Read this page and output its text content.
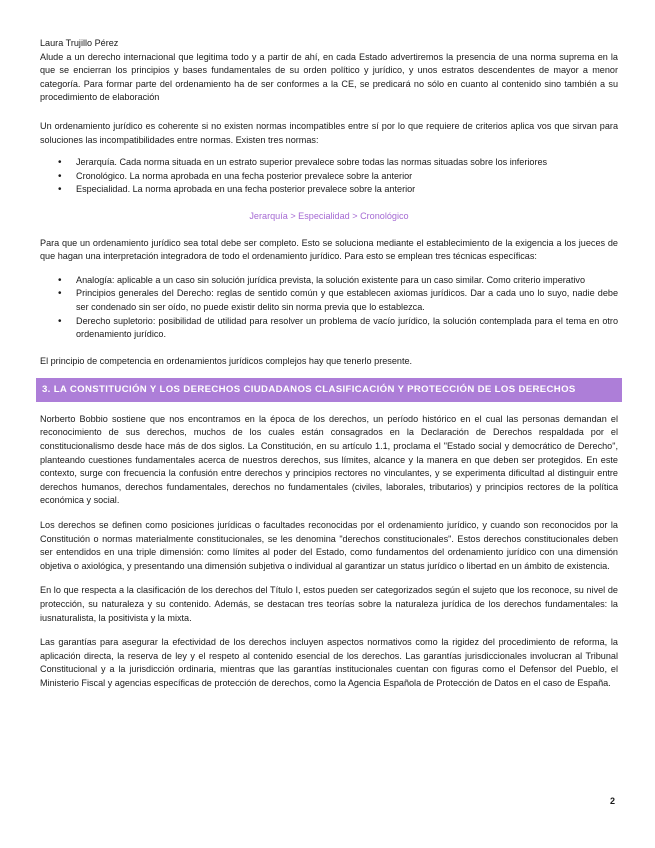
Laura Trujillo Pérez

Alude a un derecho internacional que legitima todo y a partir de ahí, en cada Estado advertiremos la presencia de una norma suprema en la que se encierran los principios y bases fundamentales de su orden político y jurídico, y unos estratos descendentes de mayor a menor categoría. Para formar parte del ordenamiento ha de ser conformes a la CE, se predicará no sólo en cuanto al contenido sino también a su procedimiento de elaboración

Un ordenamiento jurídico es coherente si no existen normas incompatibles entre sí por lo que requiere de criterios aplica vos que sirvan para soluciones las incompatibilidades entre normas. Existen tres normas:

• Jerarquía. Cada norma situada en un estrato superior prevalece sobre todas las normas situadas sobre los inferiores
• Cronológico. La norma aprobada en una fecha posterior prevalece sobre la anterior
• Especialidad. La norma aprobada en una fecha posterior prevalece sobre la anterior

Jerarquía > Especialidad > Cronológico

Para que un ordenamiento jurídico sea total debe ser completo. Esto se soluciona mediante el establecimiento de la exigencia a los jueces de que hagan una interpretación integradora de todo el ordenamiento jurídico. Para esto se emplean tres técnicas específicas:

• Analogía: aplicable a un caso sin solución jurídica prevista, la solución existente para un caso similar. Como criterio imperativo
• Principios generales del Derecho: reglas de sentido común y que establecen axiomas jurídicos. Dar a cada uno lo suyo, nadie debe ser condenado sin ser oído, no puede existir delito sin norma previa que lo establezca.
• Derecho supletorio: posibilidad de utilidad para resolver un problema de vacío jurídico, la solución contemplada para el tema en otro ordenamiento jurídico.

El principio de competencia en ordenamientos jurídicos complejos hay que tenerlo presente.

3. LA CONSTITUCIÓN Y LOS DERECHOS CIUDADANOS CLASIFICACIÓN Y PROTECCIÓN DE LOS DERECHOS

Norberto Bobbio sostiene que nos encontramos en la época de los derechos, un período histórico en el cual las personas demandan el reconocimiento de sus derechos, muchos de los cuales están consagrados en la Declaración de Derechos respaldada por el constitucionalismo desde hace más de dos siglos. La Constitución, en su artículo 1.1, proclama el "Estado social y democrático de Derecho", planteando cuestiones fundamentales acerca de nuestros derechos, sus límites, alcance y la manera en que deben ser protegidos. En este contexto, surge con frecuencia la confusión entre derechos y principios rectores no vinculantes, y se experimenta dificultad al distinguir entre derechos humanos, derechos fundamentales, derechos no fundamentales (civiles, laborales, tributarios) y principios rectores de la política económica y social.

Los derechos se definen como posiciones jurídicas o facultades reconocidas por el ordenamiento jurídico, y cuando son reconocidos por la Constitución o normas materialmente constitucionales, se les denomina "derechos constitucionales". Estos derechos constitucionales deben ser entendidos en una triple dimensión: como límites al poder del Estado, como fundamentos del ordenamiento jurídico con una dimensión objetiva o axiológica, y presentando una dimensión subjetiva o individual al garantizar un status jurídico o libertad en un ámbito de existencia.

En lo que respecta a la clasificación de los derechos del Título I, estos pueden ser categorizados según el sujeto que los reconoce, su nivel de protección, su naturaleza y su contenido. Además, se destacan tres teorías sobre la naturaleza jurídica de los derechos fundamentales: la iusnaturalista, la positivista y la mixta.

Las garantías para asegurar la efectividad de los derechos incluyen aspectos normativos como la rigidez del procedimiento de reforma, la aplicación directa, la reserva de ley y el respeto al contenido esencial de los derechos. Las garantías jurisdiccionales involucran al Tribunal Constitucional y a la jurisdicción ordinaria, mientras que las garantías institucionales cuentan con figuras como el Defensor del Pueblo, el Ministerio Fiscal y agencias específicas de protección de derechos, como la Agencia Española de Protección de Datos en el caso de España.

2
